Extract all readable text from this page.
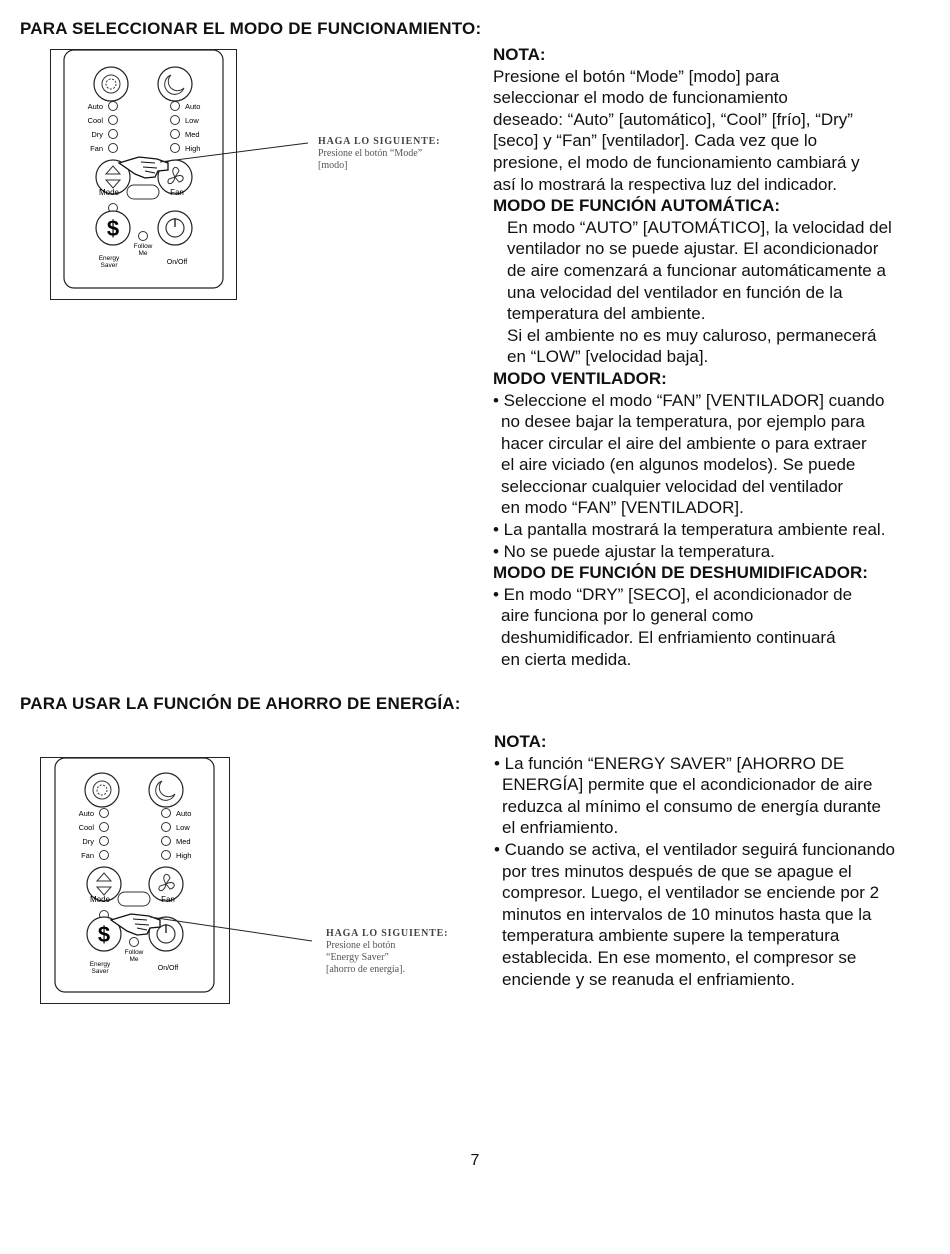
PARA SELECCIONAR EL MODO DE FUNCIONAMIENTO:
Auto
Cool
Dry
Fan
Auto
Low
Med
High
Mode	Fan
$
Follow
Me
Energy
Saver	On/Off
HAGA LO SIGUIENTE:
Presione el botón “Mode”
[modo]

NOTA:

Presione el botón “Mode” [modo] para

seleccionar el modo de funcionamiento

deseado: “Auto” [automático], “Cool” [frío], “Dry”

[seco] y “Fan” [ventilador]. Cada vez que lo

presione, el modo de funcionamiento cambiará y

así lo mostrará la respectiva luz del indicador.

MODO DE FUNCIÓN AUTOMÁTICA:

En modo “AUTO” [AUTOMÁTICO], la velocidad del

ventilador no se puede ajustar. El acondicionador

de aire comenzará a funcionar automáticamente a

una velocidad del ventilador en función de la

temperatura del ambiente.

Si el ambiente no es muy caluroso, permanecerá

en “LOW” [velocidad baja].

MODO VENTILADOR:

• Seleccione el modo “FAN” [VENTILADOR] cuando

no desee bajar la temperatura, por ejemplo para

hacer circular el aire del ambiente o para extraer

el aire viciado (en algunos modelos). Se puede

seleccionar cualquier velocidad del ventilador

en modo “FAN” [VENTILADOR].

• La pantalla mostrará la temperatura ambiente real.

• No se puede ajustar la temperatura.

MODO DE FUNCIÓN DE DESHUMIDIFICADOR:

• En modo “DRY” [SECO], el acondicionador de

aire funciona por lo general como

deshumidificador. El enfriamiento continuará

en cierta medida.

PARA USAR LA FUNCIÓN DE AHORRO DE ENERGÍA:
Auto
Cool
Dry
Fan
Auto
Low
Med
High
Mode	Fan
$
Follow
Me
Energy
Saver	On/Off
HAGA LO SIGUIENTE:
Presione el botón
“Energy Saver”
[ahorro de energía].

NOTA:

• La función “ENERGY SAVER” [AHORRO DE

ENERGÍA] permite que el acondicionador de aire

reduzca al mínimo el consumo de energía durante

el enfriamiento.

• Cuando se activa, el ventilador seguirá funcionando

por tres minutos después de que se apague el

compresor. Luego, el ventilador se enciende por 2

minutos en intervalos de 10 minutos hasta que la

temperatura ambiente supere la temperatura

establecida. En ese momento, el compresor se

enciende y se reanuda el enfriamiento.

7
